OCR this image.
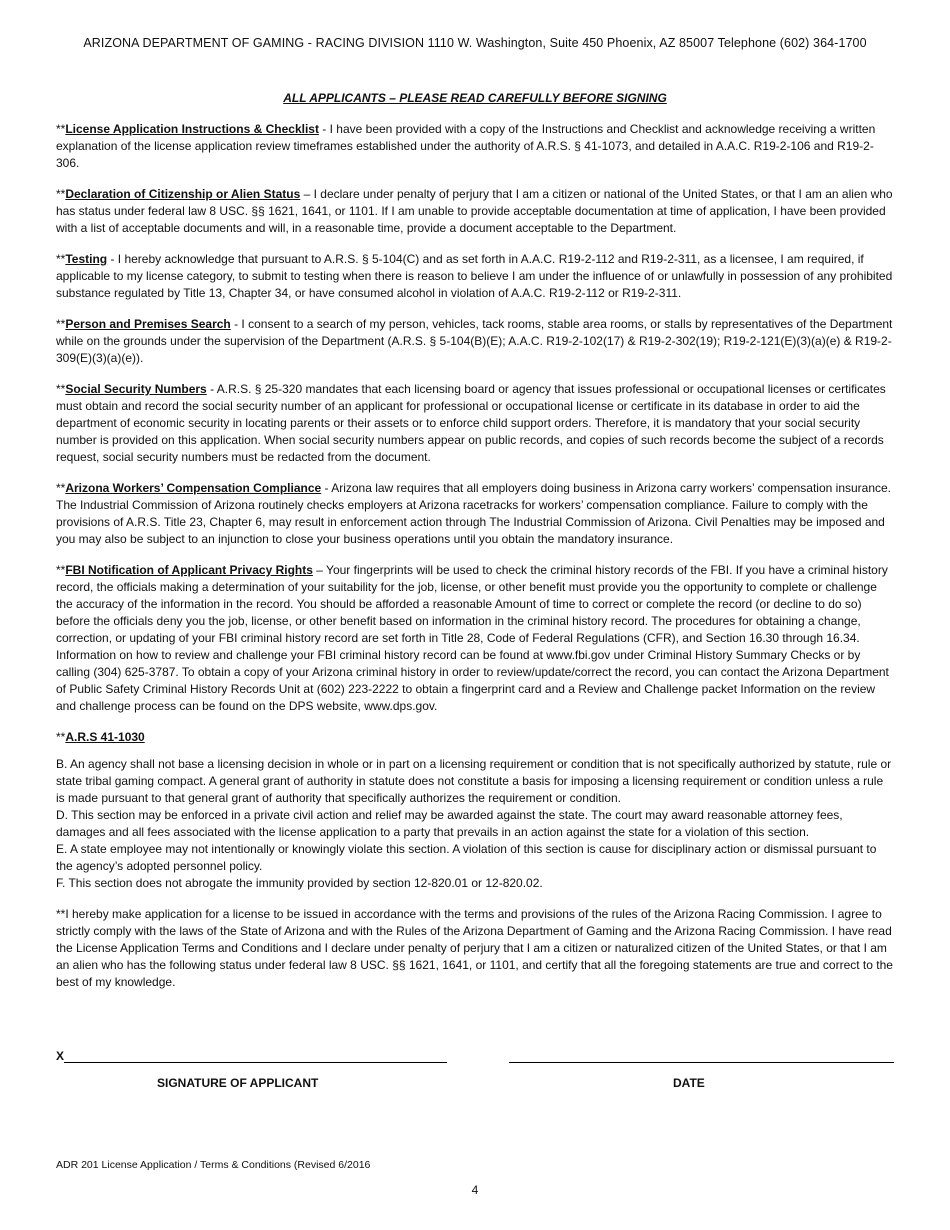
ARIZONA DEPARTMENT OF GAMING - RACING DIVISION 1110 W. Washington, Suite 450 Phoenix, AZ 85007 Telephone (602) 364-1700
ALL APPLICANTS – PLEASE READ CAREFULLY BEFORE SIGNING

**License Application Instructions & Checklist - I have been provided with a copy of the Instructions and Checklist and acknowledge receiving a written explanation of the license application review timeframes established under the authority of A.R.S. § 41-1073, and detailed in A.A.C. R19-2-106 and R19-2-306.

**Declaration of Citizenship or Alien Status – I declare under penalty of perjury that I am a citizen or national of the United States, or that I am an alien who has status under federal law 8 USC. §§ 1621, 1641, or 1101. If I am unable to provide acceptable documentation at time of application, I have been provided with a list of acceptable documents and will, in a reasonable time, provide a document acceptable to the Department.

**Testing - I hereby acknowledge that pursuant to A.R.S. § 5-104(C) and as set forth in A.A.C. R19-2-112 and R19-2-311, as a licensee, I am required, if applicable to my license category, to submit to testing when there is reason to believe I am under the influence of or unlawfully in possession of any prohibited substance regulated by Title 13, Chapter 34, or have consumed alcohol in violation of A.A.C. R19-2-112 or R19-2-311.

**Person and Premises Search - I consent to a search of my person, vehicles, tack rooms, stable area rooms, or stalls by representatives of the Department while on the grounds under the supervision of the Department (A.R.S. § 5-104(B)(E); A.A.C. R19-2-102(17) & R19-2-302(19); R19-2-121(E)(3)(a)(e) & R19-2-309(E)(3)(a)(e)).

**Social Security Numbers - A.R.S. § 25-320 mandates that each licensing board or agency that issues professional or occupational licenses or certificates must obtain and record the social security number of an applicant for professional or occupational license or certificate in its database in order to aid the department of economic security in locating parents or their assets or to enforce child support orders. Therefore, it is mandatory that your social security number is provided on this application. When social security numbers appear on public records, and copies of such records become the subject of a records request, social security numbers must be redacted from the document.

**Arizona Workers’ Compensation Compliance - Arizona law requires that all employers doing business in Arizona carry workers’ compensation insurance. The Industrial Commission of Arizona routinely checks employers at Arizona racetracks for workers’ compensation compliance. Failure to comply with the provisions of A.R.S. Title 23, Chapter 6, may result in enforcement action through The Industrial Commission of Arizona. Civil Penalties may be imposed and you may also be subject to an injunction to close your business operations until you obtain the mandatory insurance.

**FBI Notification of Applicant Privacy Rights – Your fingerprints will be used to check the criminal history records of the FBI. If you have a criminal history record, the officials making a determination of your suitability for the job, license, or other benefit must provide you the opportunity to complete or challenge the accuracy of the information in the record. You should be afforded a reasonable Amount of time to correct or complete the record (or decline to do so) before the officials deny you the job, license, or other benefit based on information in the criminal history record. The procedures for obtaining a change, correction, or updating of your FBI criminal history record are set forth in Title 28, Code of Federal Regulations (CFR), and Section 16.30 through 16.34. Information on how to review and challenge your FBI criminal history record can be found at www.fbi.gov under Criminal History Summary Checks or by calling (304) 625-3787. To obtain a copy of your Arizona criminal history in order to review/update/correct the record, you can contact the Arizona Department of Public Safety Criminal History Records Unit at (602) 223-2222 to obtain a fingerprint card and a Review and Challenge packet Information on the review and challenge process can be found on the DPS website, www.dps.gov.

**A.R.S 41-1030

B. An agency shall not base a licensing decision in whole or in part on a licensing requirement or condition that is not specifically authorized by statute, rule or state tribal gaming compact. A general grant of authority in statute does not constitute a basis for imposing a licensing requirement or condition unless a rule is made pursuant to that general grant of authority that specifically authorizes the requirement or condition.

D. This section may be enforced in a private civil action and relief may be awarded against the state. The court may award reasonable attorney fees, damages and all fees associated with the license application to a party that prevails in an action against the state for a violation of this section.

E. A state employee may not intentionally or knowingly violate this section. A violation of this section is cause for disciplinary action or dismissal pursuant to the agency’s adopted personnel policy.

F. This section does not abrogate the immunity provided by section 12-820.01 or 12-820.02.

**I hereby make application for a license to be issued in accordance with the terms and provisions of the rules of the Arizona Racing Commission. I agree to strictly comply with the laws of the State of Arizona and with the Rules of the Arizona Department of Gaming and the Arizona Racing Commission. I have read the License Application Terms and Conditions and I declare under penalty of perjury that I am a citizen or naturalized citizen of the United States, or that I am an alien who has the following status under federal law 8 USC. §§ 1621, 1641, or 1101, and certify that all the foregoing statements are true and correct to the best of my knowledge.

X
SIGNATURE OF APPLICANT	DATE
ADR 201 License Application / Terms & Conditions (Revised 6/2016
4
